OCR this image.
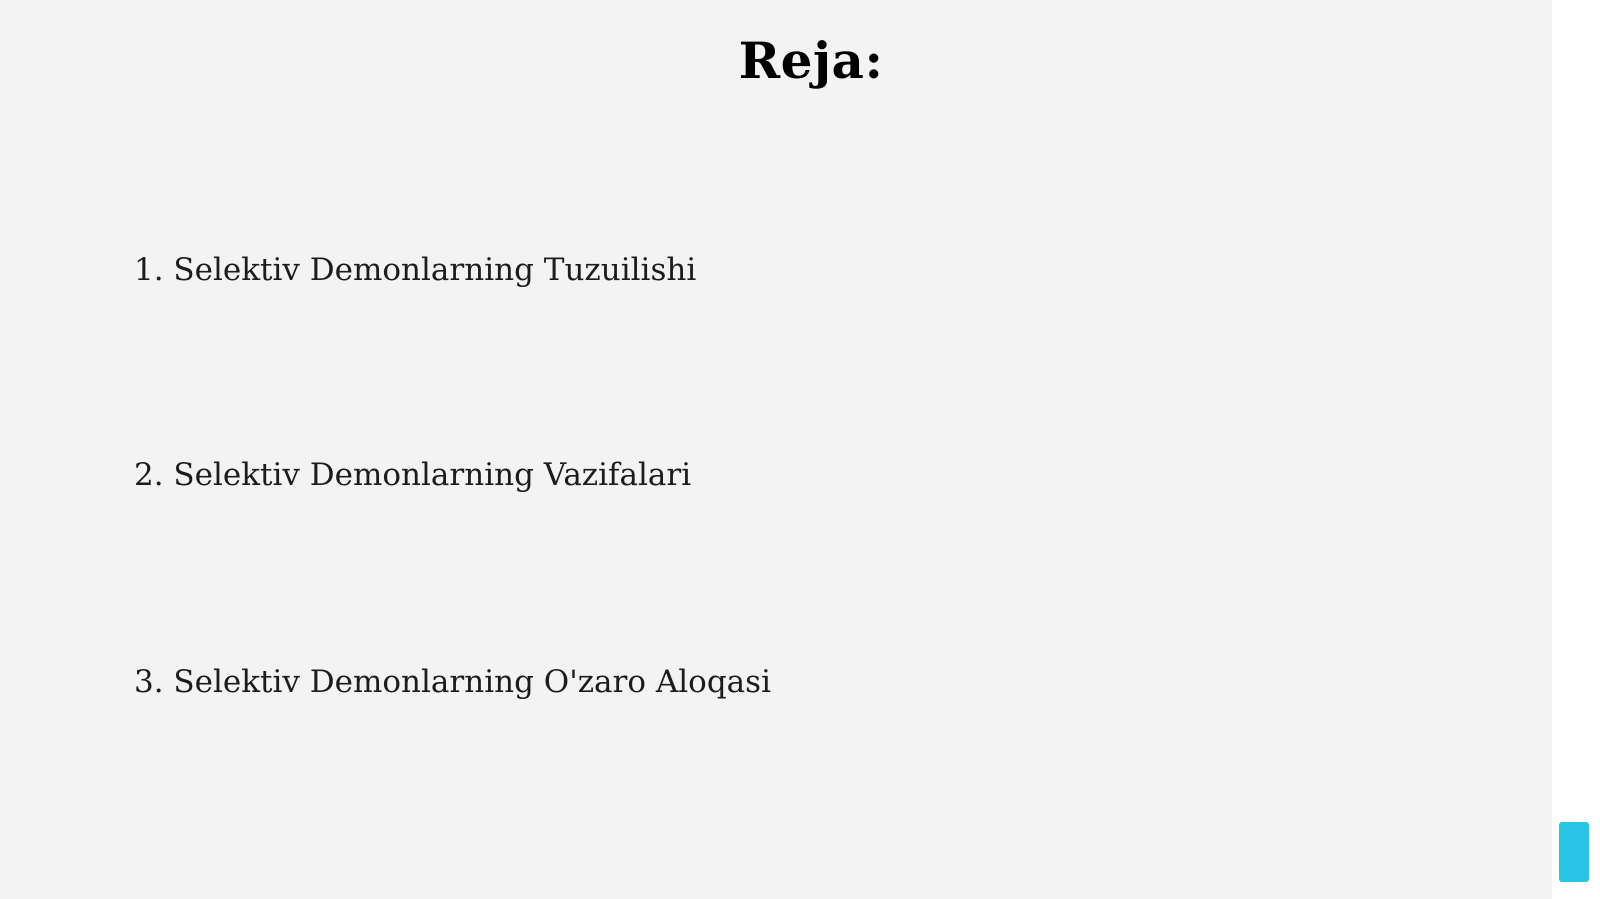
Reja:
1. Selektiv Demonlarning Tuzuilishi
2. Selektiv Demonlarning Vazifalari
3. Selektiv Demonlarning O'zaro Aloqasi
